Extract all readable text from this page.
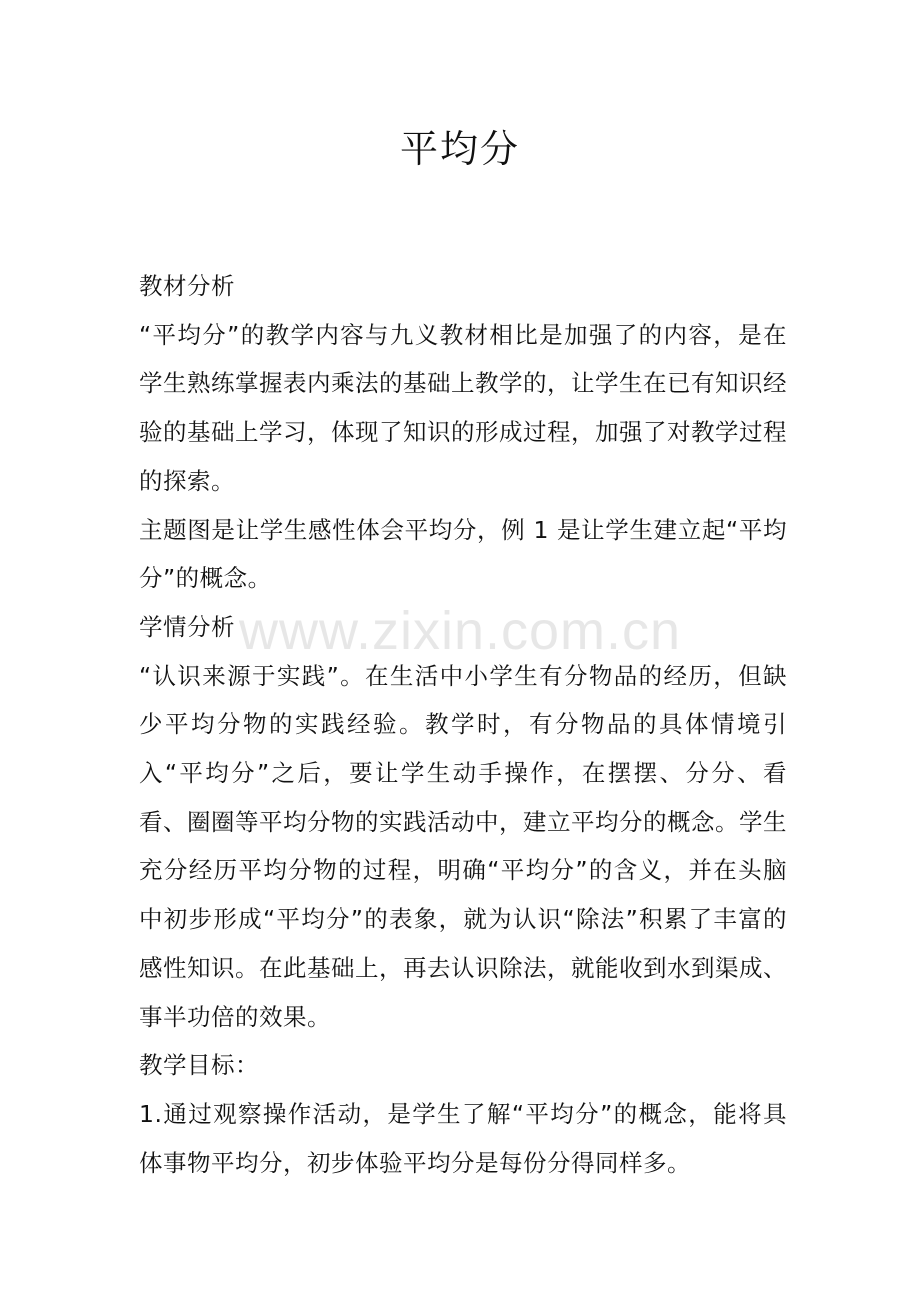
平均分

教材分析

“平均分”的教学内容与九义教材相比是加强了的内容，是在学生熟练掌握表内乘法的基础上教学的，让学生在已有知识经验的基础上学习，体现了知识的形成过程，加强了对教学过程的探索。

主题图是让学生感性体会平均分，例 1 是让学生建立起“平均分”的概念。

学情分析

“认识来源于实践”。在生活中小学生有分物品的经历，但缺少平均分物的实践经验。教学时，有分物品的具体情境引入“平均分”之后，要让学生动手操作，在摆摆、分分、看看、圈圈等平均分物的实践活动中，建立平均分的概念。学生充分经历平均分物的过程，明确“平均分”的含义，并在头脑中初步形成“平均分”的表象，就为认识“除法”积累了丰富的感性知识。在此基础上，再去认识除法，就能收到水到渠成、事半功倍的效果。

教学目标：

1.通过观察操作活动，是学生了解“平均分”的概念，能将具体事物平均分，初步体验平均分是每份分得同样多。

www.zixin.com.cn
